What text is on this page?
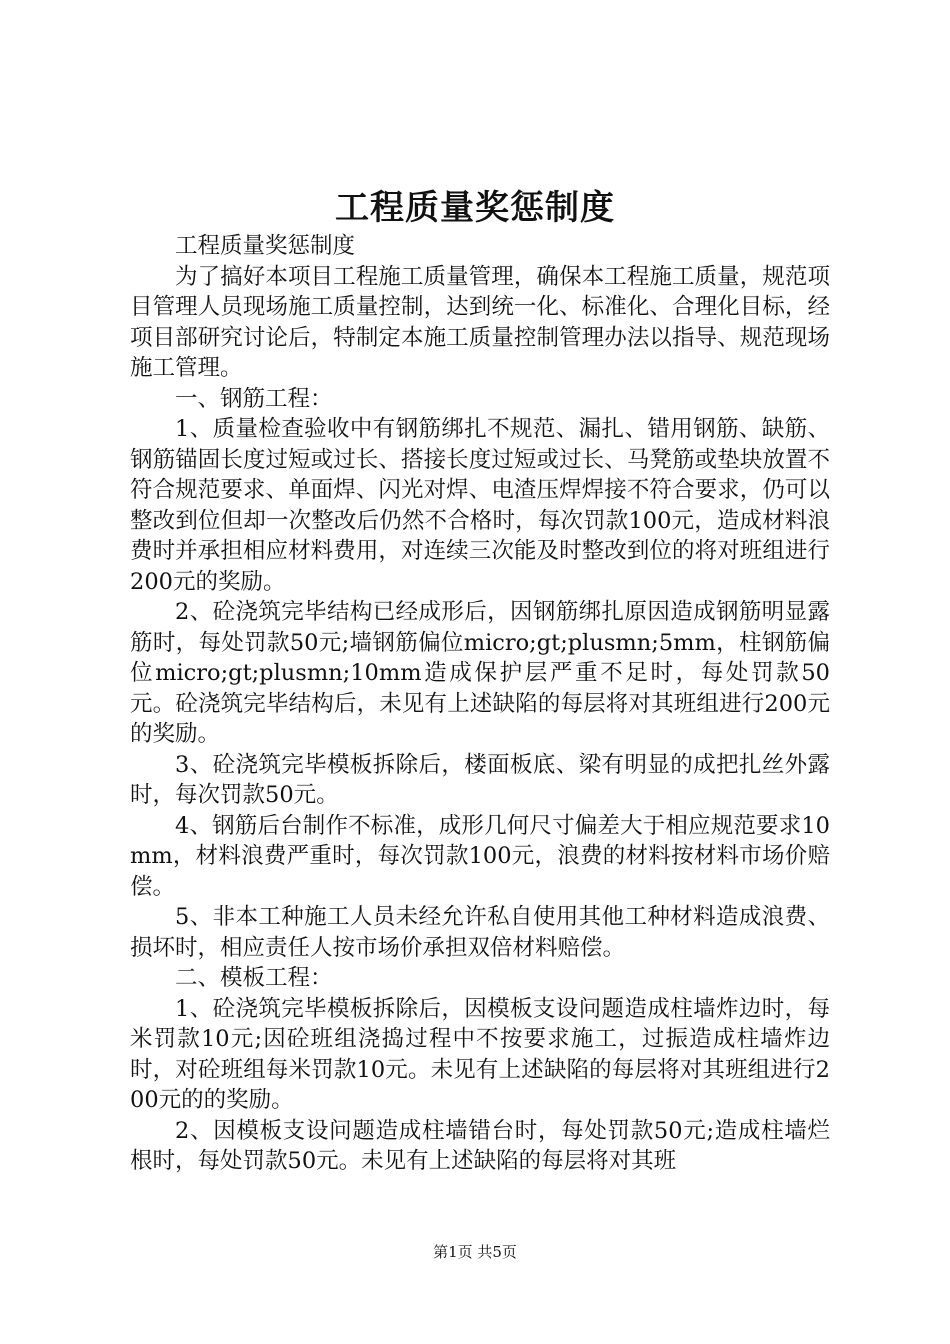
工程质量奖惩制度

工程质量奖惩制度

为了搞好本项目工程施工质量管理，确保本工程施工质量，规范项目管理人员现场施工质量控制，达到统一化、标准化、合理化目标，经项目部研究讨论后，特制定本施工质量控制管理办法以指导、规范现场施工管理。

一、钢筋工程：

1、质量检查验收中有钢筋绑扎不规范、漏扎、错用钢筋、缺筋、钢筋锚固长度过短或过长、搭接长度过短或过长、马凳筋或垫块放置不符合规范要求、单面焊、闪光对焊、电渣压焊焊接不符合要求，仍可以整改到位但却一次整改后仍然不合格时，每次罚款100元，造成材料浪费时并承担相应材料费用，对连续三次能及时整改到位的将对班组进行200元的奖励。

2、砼浇筑完毕结构已经成形后，因钢筋绑扎原因造成钢筋明显露筋时，每处罚款50元;墙钢筋偏位micro;gt;plusmn;5mm，柱钢筋偏位micro;gt;plusmn;10mm造成保护层严重不足时，每处罚款50元。砼浇筑完毕结构后，未见有上述缺陷的每层将对其班组进行200元的奖励。

3、砼浇筑完毕模板拆除后，楼面板底、梁有明显的成把扎丝外露时，每次罚款50元。

4、钢筋后台制作不标准，成形几何尺寸偏差大于相应规范要求10mm，材料浪费严重时，每次罚款100元，浪费的材料按材料市场价赔偿。

5、非本工种施工人员未经允许私自使用其他工种材料造成浪费、损坏时，相应责任人按市场价承担双倍材料赔偿。

二、模板工程：

1、砼浇筑完毕模板拆除后，因模板支设问题造成柱墙炸边时，每米罚款10元;因砼班组浇捣过程中不按要求施工，过振造成柱墙炸边时，对砼班组每米罚款10元。未见有上述缺陷的每层将对其班组进行200元的的奖励。

2、因模板支设问题造成柱墙错台时，每处罚款50元;造成柱墙烂根时，每处罚款50元。未见有上述缺陷的每层将对其班

第1页 共5页
